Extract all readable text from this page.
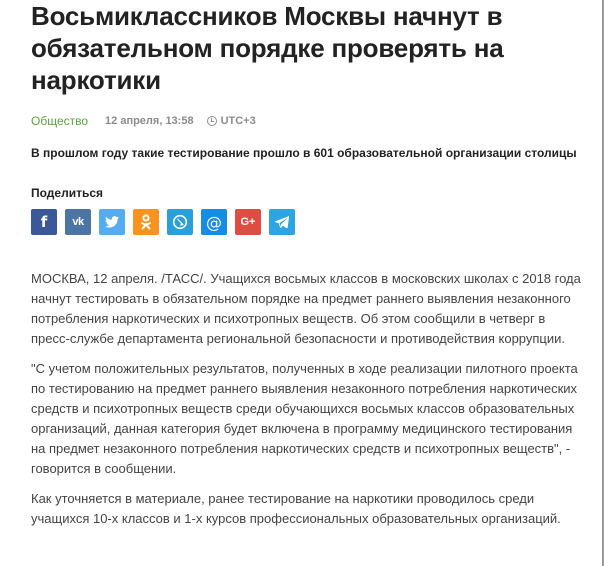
Восьмиклассников Москвы начнут в обязательном порядке проверять на наркотики
Общество 12 апреля, 13:58 UTC+3
В прошлом году такие тестирование прошло в 601 образовательной организации столицы
Поделиться
f vk	@ G+

МОСКВА, 12 апреля. /ТАСС/. Учащихся восьмых классов в московских школах с 2018 года начнут тестировать в обязательном порядке на предмет раннего выявления незаконного потребления наркотических и психотропных веществ. Об этом сообщили в четверг в пресс-службе департамента региональной безопасности и противодействия коррупции.

"С учетом положительных результатов, полученных в ходе реализации пилотного проекта по тестированию на предмет раннего выявления незаконного потребления наркотических средств и психотропных веществ среди обучающихся восьмых классов образовательных организаций, данная категория будет включена в программу медицинского тестирования на предмет незаконного потребления наркотических средств и психотропных веществ", - говорится в сообщении.

Как уточняется в материале, ранее тестирование на наркотики проводилось среди учащихся 10-х классов и 1-х курсов профессиональных образовательных организаций.
